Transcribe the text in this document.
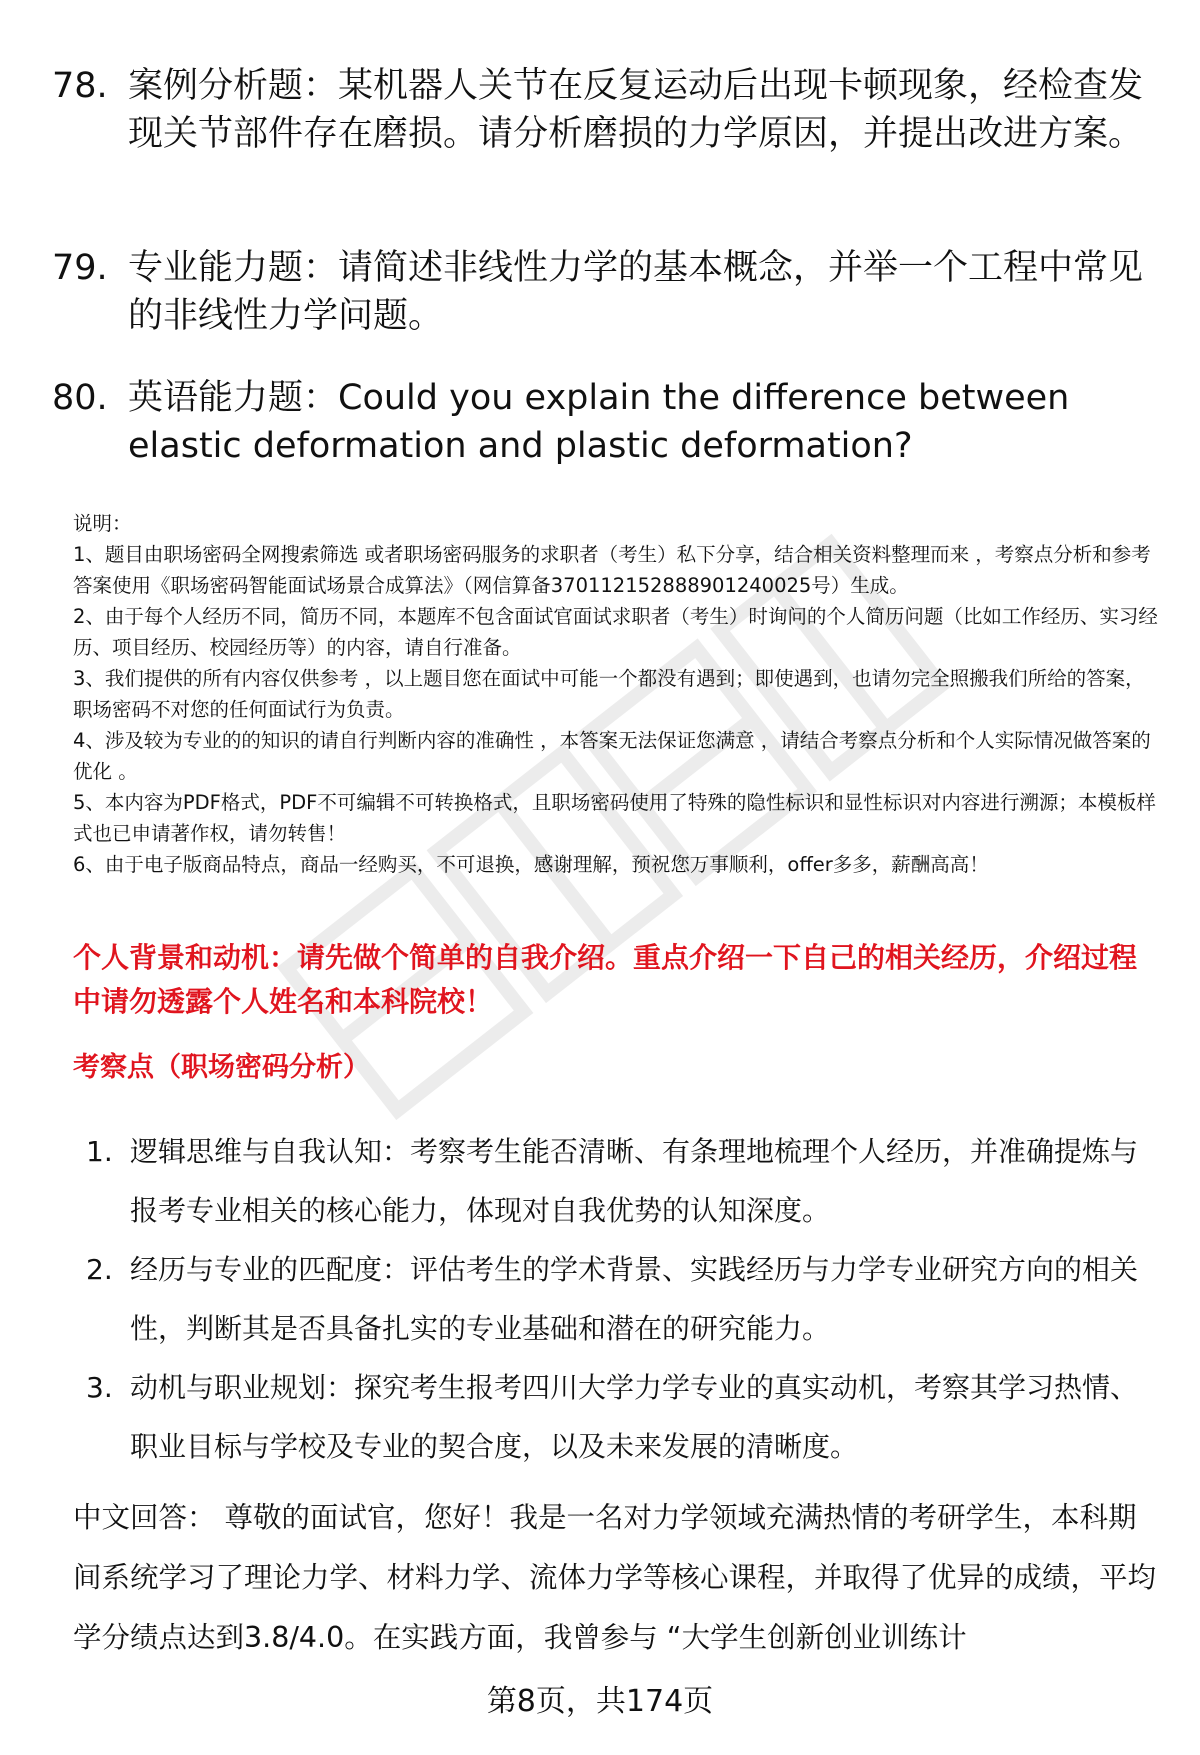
78. 案例分析题：某机器人关节在反复运动后出现卡顿现象，经检查发现关节部件存在磨损。请分析磨损的力学原因，并提出改进方案。
79. 专业能力题：请简述非线性力学的基本概念，并举一个工程中常见的非线性力学问题。
80. 英语能力题：Could you explain the difference between elastic deformation and plastic deformation?
说明：
1、题目由职场密码全网搜索筛选 或者职场密码服务的求职者（考生）私下分享，结合相关资料整理而来 ，考察点分析和参考答案使用《职场密码智能面试场景合成算法》（网信算备370112152888901240025号）生成。
2、由于每个人经历不同，简历不同，本题库不包含面试官面试求职者（考生）时询问的个人简历问题（比如工作经历、实习经历、项目经历、校园经历等）的内容，请自行准备。
3、我们提供的所有内容仅供参考 ，以上题目您在面试中可能一个都没有遇到；即使遇到，也请勿完全照搬我们所给的答案，职场密码不对您的任何面试行为负责。
4、涉及较为专业的的知识的请自行判断内容的准确性 ，本答案无法保证您满意 ，请结合考察点分析和个人实际情况做答案的优化 。
5、本内容为PDF格式，PDF不可编辑不可转换格式，且职场密码使用了特殊的隐性标识和显性标识对内容进行溯源；本模板样式也已申请著作权，请勿转售！
6、由于电子版商品特点，商品一经购买，不可退换，感谢理解，预祝您万事顺利，offer多多，薪酬高高！
个人背景和动机：请先做个简单的自我介绍。重点介绍一下自己的相关经历，介绍过程中请勿透露个人姓名和本科院校！
考察点（职场密码分析）
1. 逻辑思维与自我认知：考察考生能否清晰、有条理地梳理个人经历，并准确提炼与报考专业相关的核心能力，体现对自我优势的认知深度。
2. 经历与专业的匹配度：评估考生的学术背景、实践经历与力学专业研究方向的相关性，判断其是否具备扎实的专业基础和潜在的研究能力。
3. 动机与职业规划：探究考生报考四川大学力学专业的真实动机，考察其学习热情、职业目标与学校及专业的契合度，以及未来发展的清晰度。
中文回答： 尊敬的面试官，您好！我是一名对力学领域充满热情的考研学生，本科期间系统学习了理论力学、材料力学、流体力学等核心课程，并取得了优异的成绩，平均学分绩点达到3.8/4.0。在实践方面，我曾参与 “大学生创新创业训练计
第8页，共174页
